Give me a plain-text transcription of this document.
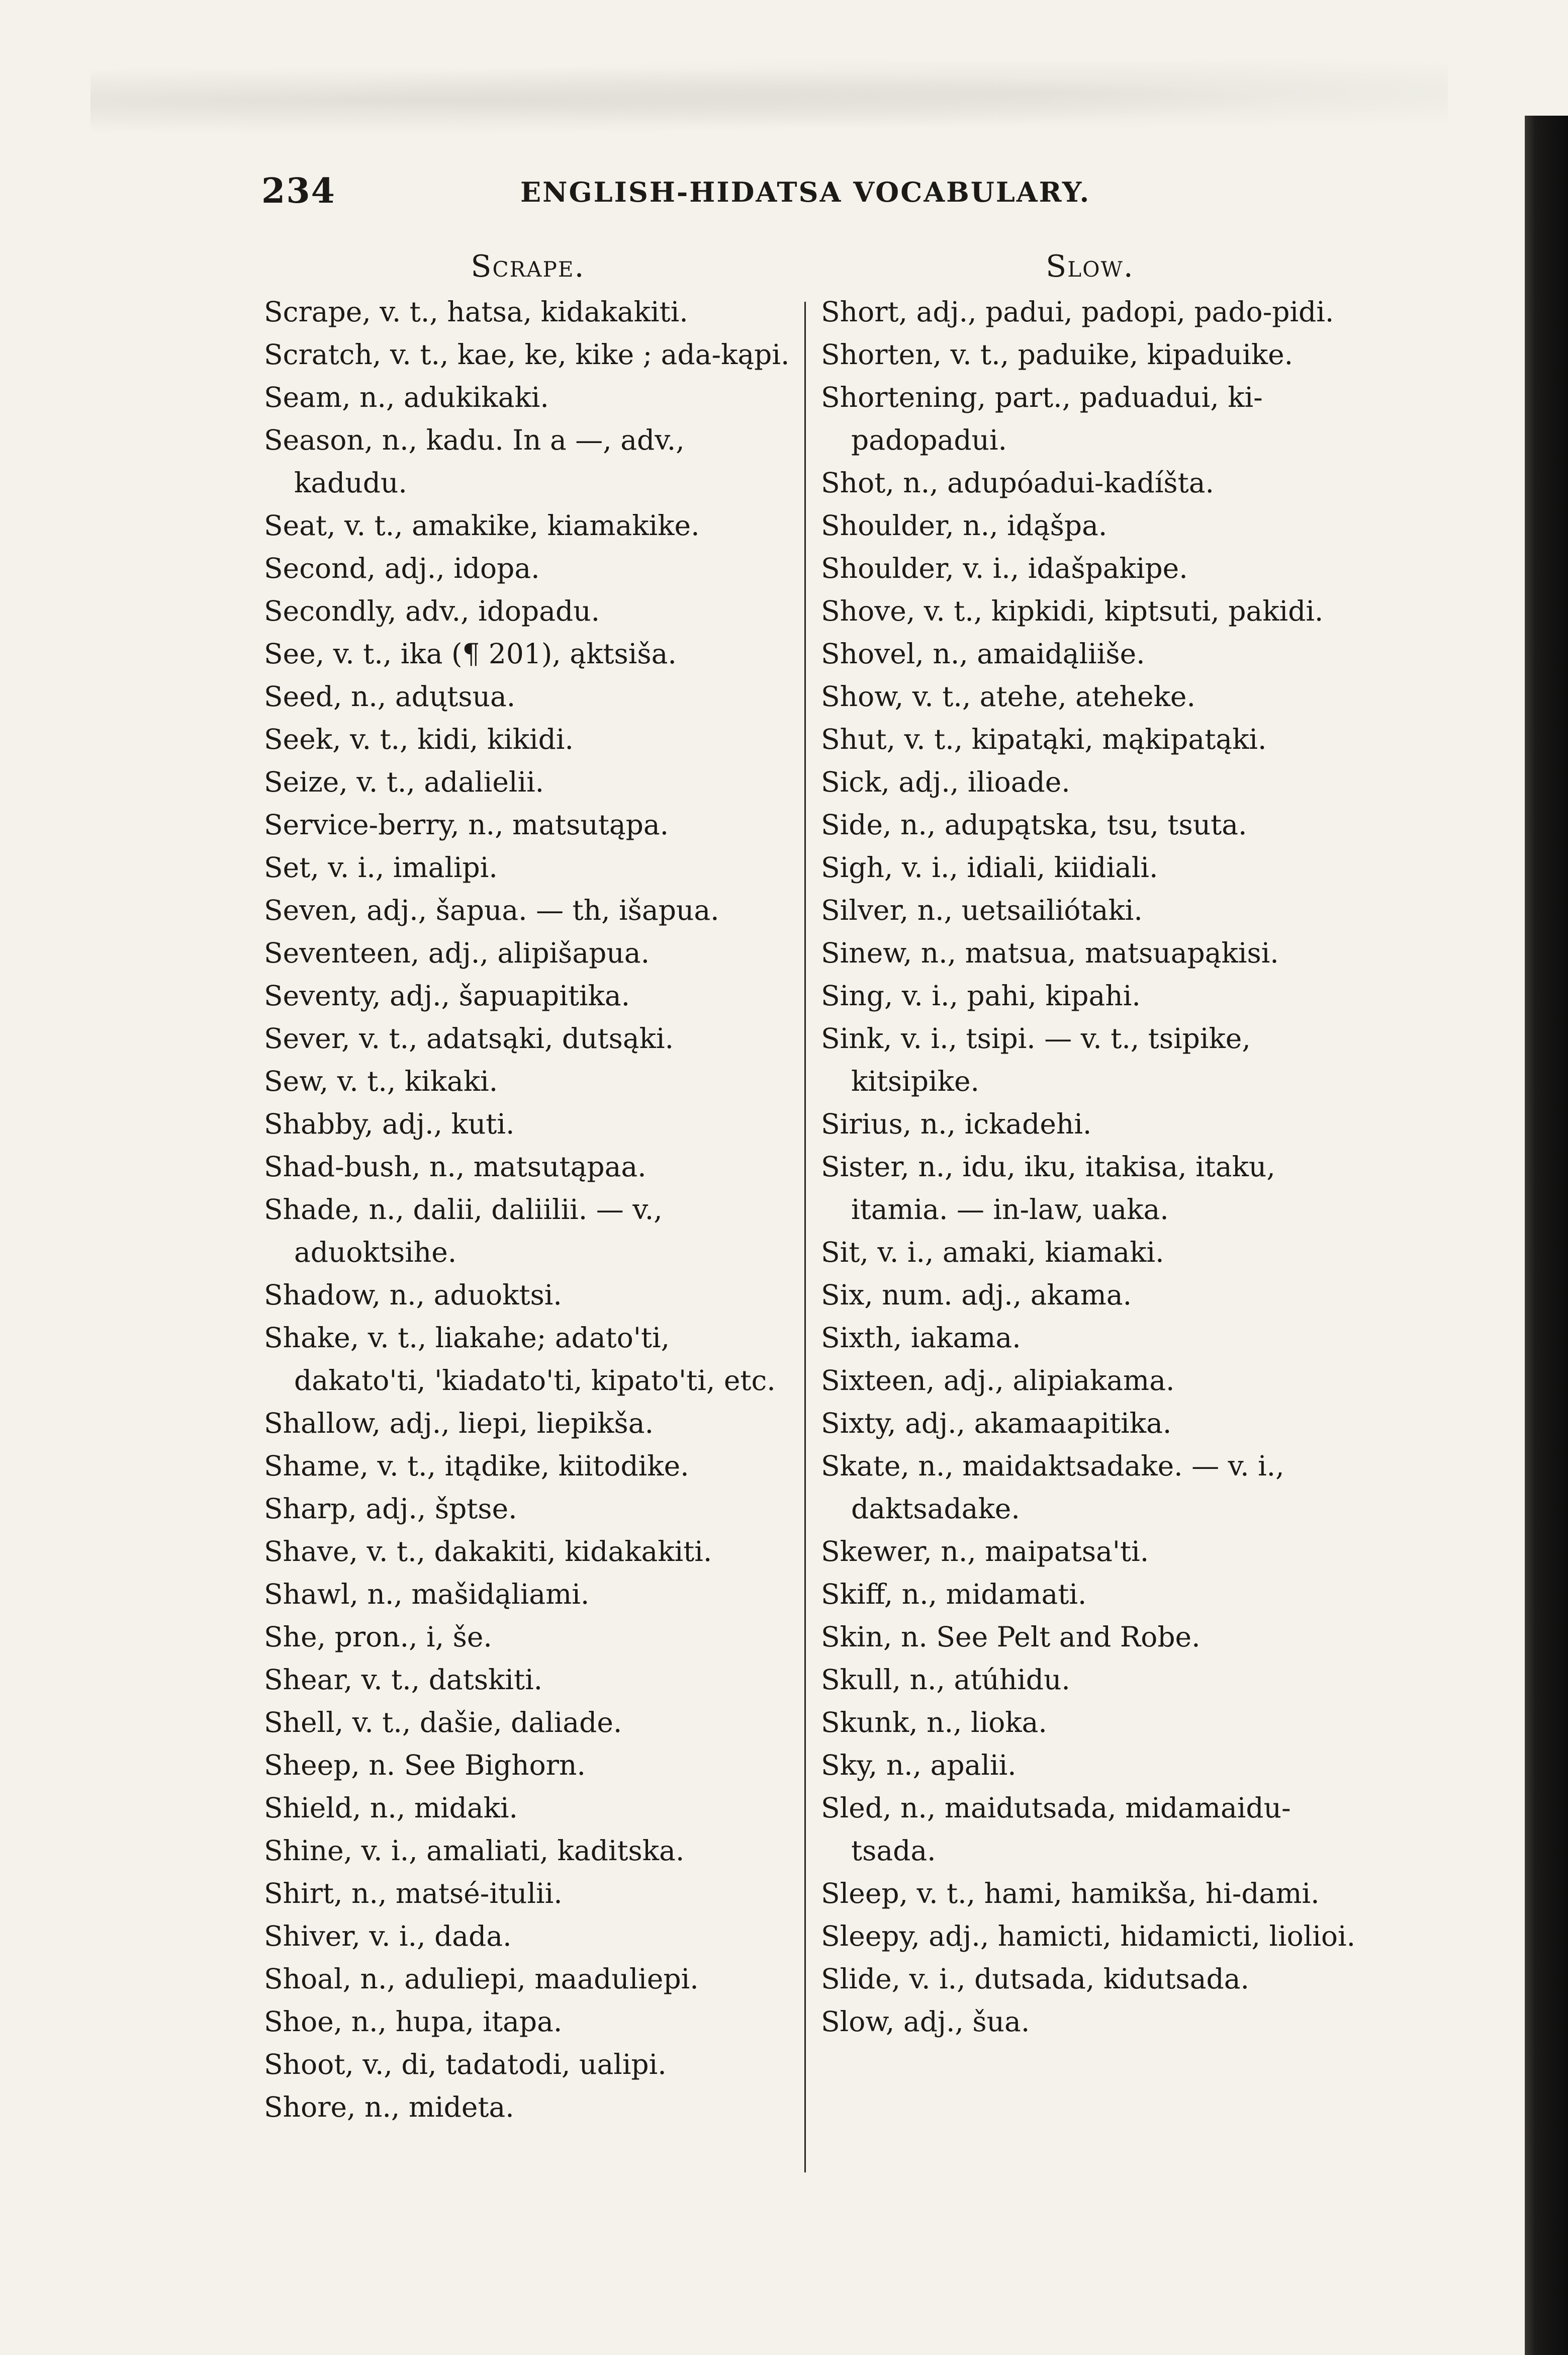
234	ENGLISH-HIDATSA VOCABULARY.
Scrape.
Scrape, v. t., hatsa, kidakakiti.
Scratch, v. t., kae, ke, kike ; ada-kąpi.
Seam, n., adukikaki.
Season, n., kadu. In a —, adv., kadudu.
Seat, v. t., amakike, kiamakike.
Second, adj., idopa.
Secondly, adv., idopadu.
See, v. t., ika (¶ 201), ąktsiša.
Seed, n., adųtsua.
Seek, v. t., kidi, kikidi.
Seize, v. t., adalielii.
Service-berry, n., matsutąpa.
Set, v. i., imalipi.
Seven, adj., šapua. — th, išapua.
Seventeen, adj., alipišapua.
Seventy, adj., šapuapitika.
Sever, v. t., adatsąki, dutsąki.
Sew, v. t., kikaki.
Shabby, adj., kuti.
Shad-bush, n., matsutąpaa.
Shade, n., dalii, daliilii. — v., aduoktsihe.
Shadow, n., aduoktsi.
Shake, v. t., liakahe; adato'ti, dakato'ti, 'kiadato'ti, kipato'ti, etc.
Shallow, adj., liepi, liepikša.
Shame, v. t., itądike, kiitodike.
Sharp, adj., šptse.
Shave, v. t., dakakiti, kidakakiti.
Shawl, n., mašidąliami.
She, pron., i, še.
Shear, v. t., datskiti.
Shell, v. t., dašie, daliade.
Sheep, n. See Bighorn.
Shield, n., midaki.
Shine, v. i., amaliati, kaditska.
Shirt, n., matsé-itulii.
Shiver, v. i., dada.
Shoal, n., aduliepi, maaduliepi.
Shoe, n., hupa, itapa.
Shoot, v., di, tadatodi, ualipi.
Shore, n., mideta.
Slow.
Short, adj., padui, padopi, pado-pidi.
Shorten, v. t., paduike, kipaduike.
Shortening, part., paduadui, ki-padopadui.
Shot, n., adupóadui-kadíšta.
Shoulder, n., idąšpa.
Shoulder, v. i., idašpakipe.
Shove, v. t., kipkidi, kiptsuti, pakidi.
Shovel, n., amaidąliiše.
Show, v. t., atehe, ateheke.
Shut, v. t., kipatąki, mąkipatąki.
Sick, adj., ilioade.
Side, n., adupątska, tsu, tsuta.
Sigh, v. i., idiali, kiidiali.
Silver, n., uetsailiótaki.
Sinew, n., matsua, matsuapąkisi.
Sing, v. i., pahi, kipahi.
Sink, v. i., tsipi. — v. t., tsipike, kitsipike.
Sirius, n., ickadehi.
Sister, n., idu, iku, itakisa, itaku, itamia. — in-law, uaka.
Sit, v. i., amaki, kiamaki.
Six, num. adj., akama.
Sixth, iakama.
Sixteen, adj., alipiakama.
Sixty, adj., akamaapitika.
Skate, n., maidaktsadake. — v. i., daktsadake.
Skewer, n., maipatsa'ti.
Skiff, n., midamati.
Skin, n. See Pelt and Robe.
Skull, n., atúhidu.
Skunk, n., lioka.
Sky, n., apalii.
Sled, n., maidutsada, midamaidu-tsada.
Sleep, v. t., hami, hamikša, hi-dami.
Sleepy, adj., hamicti, hidamicti, liolioi.
Slide, v. i., dutsada, kidutsada.
Slow, adj., šua.
